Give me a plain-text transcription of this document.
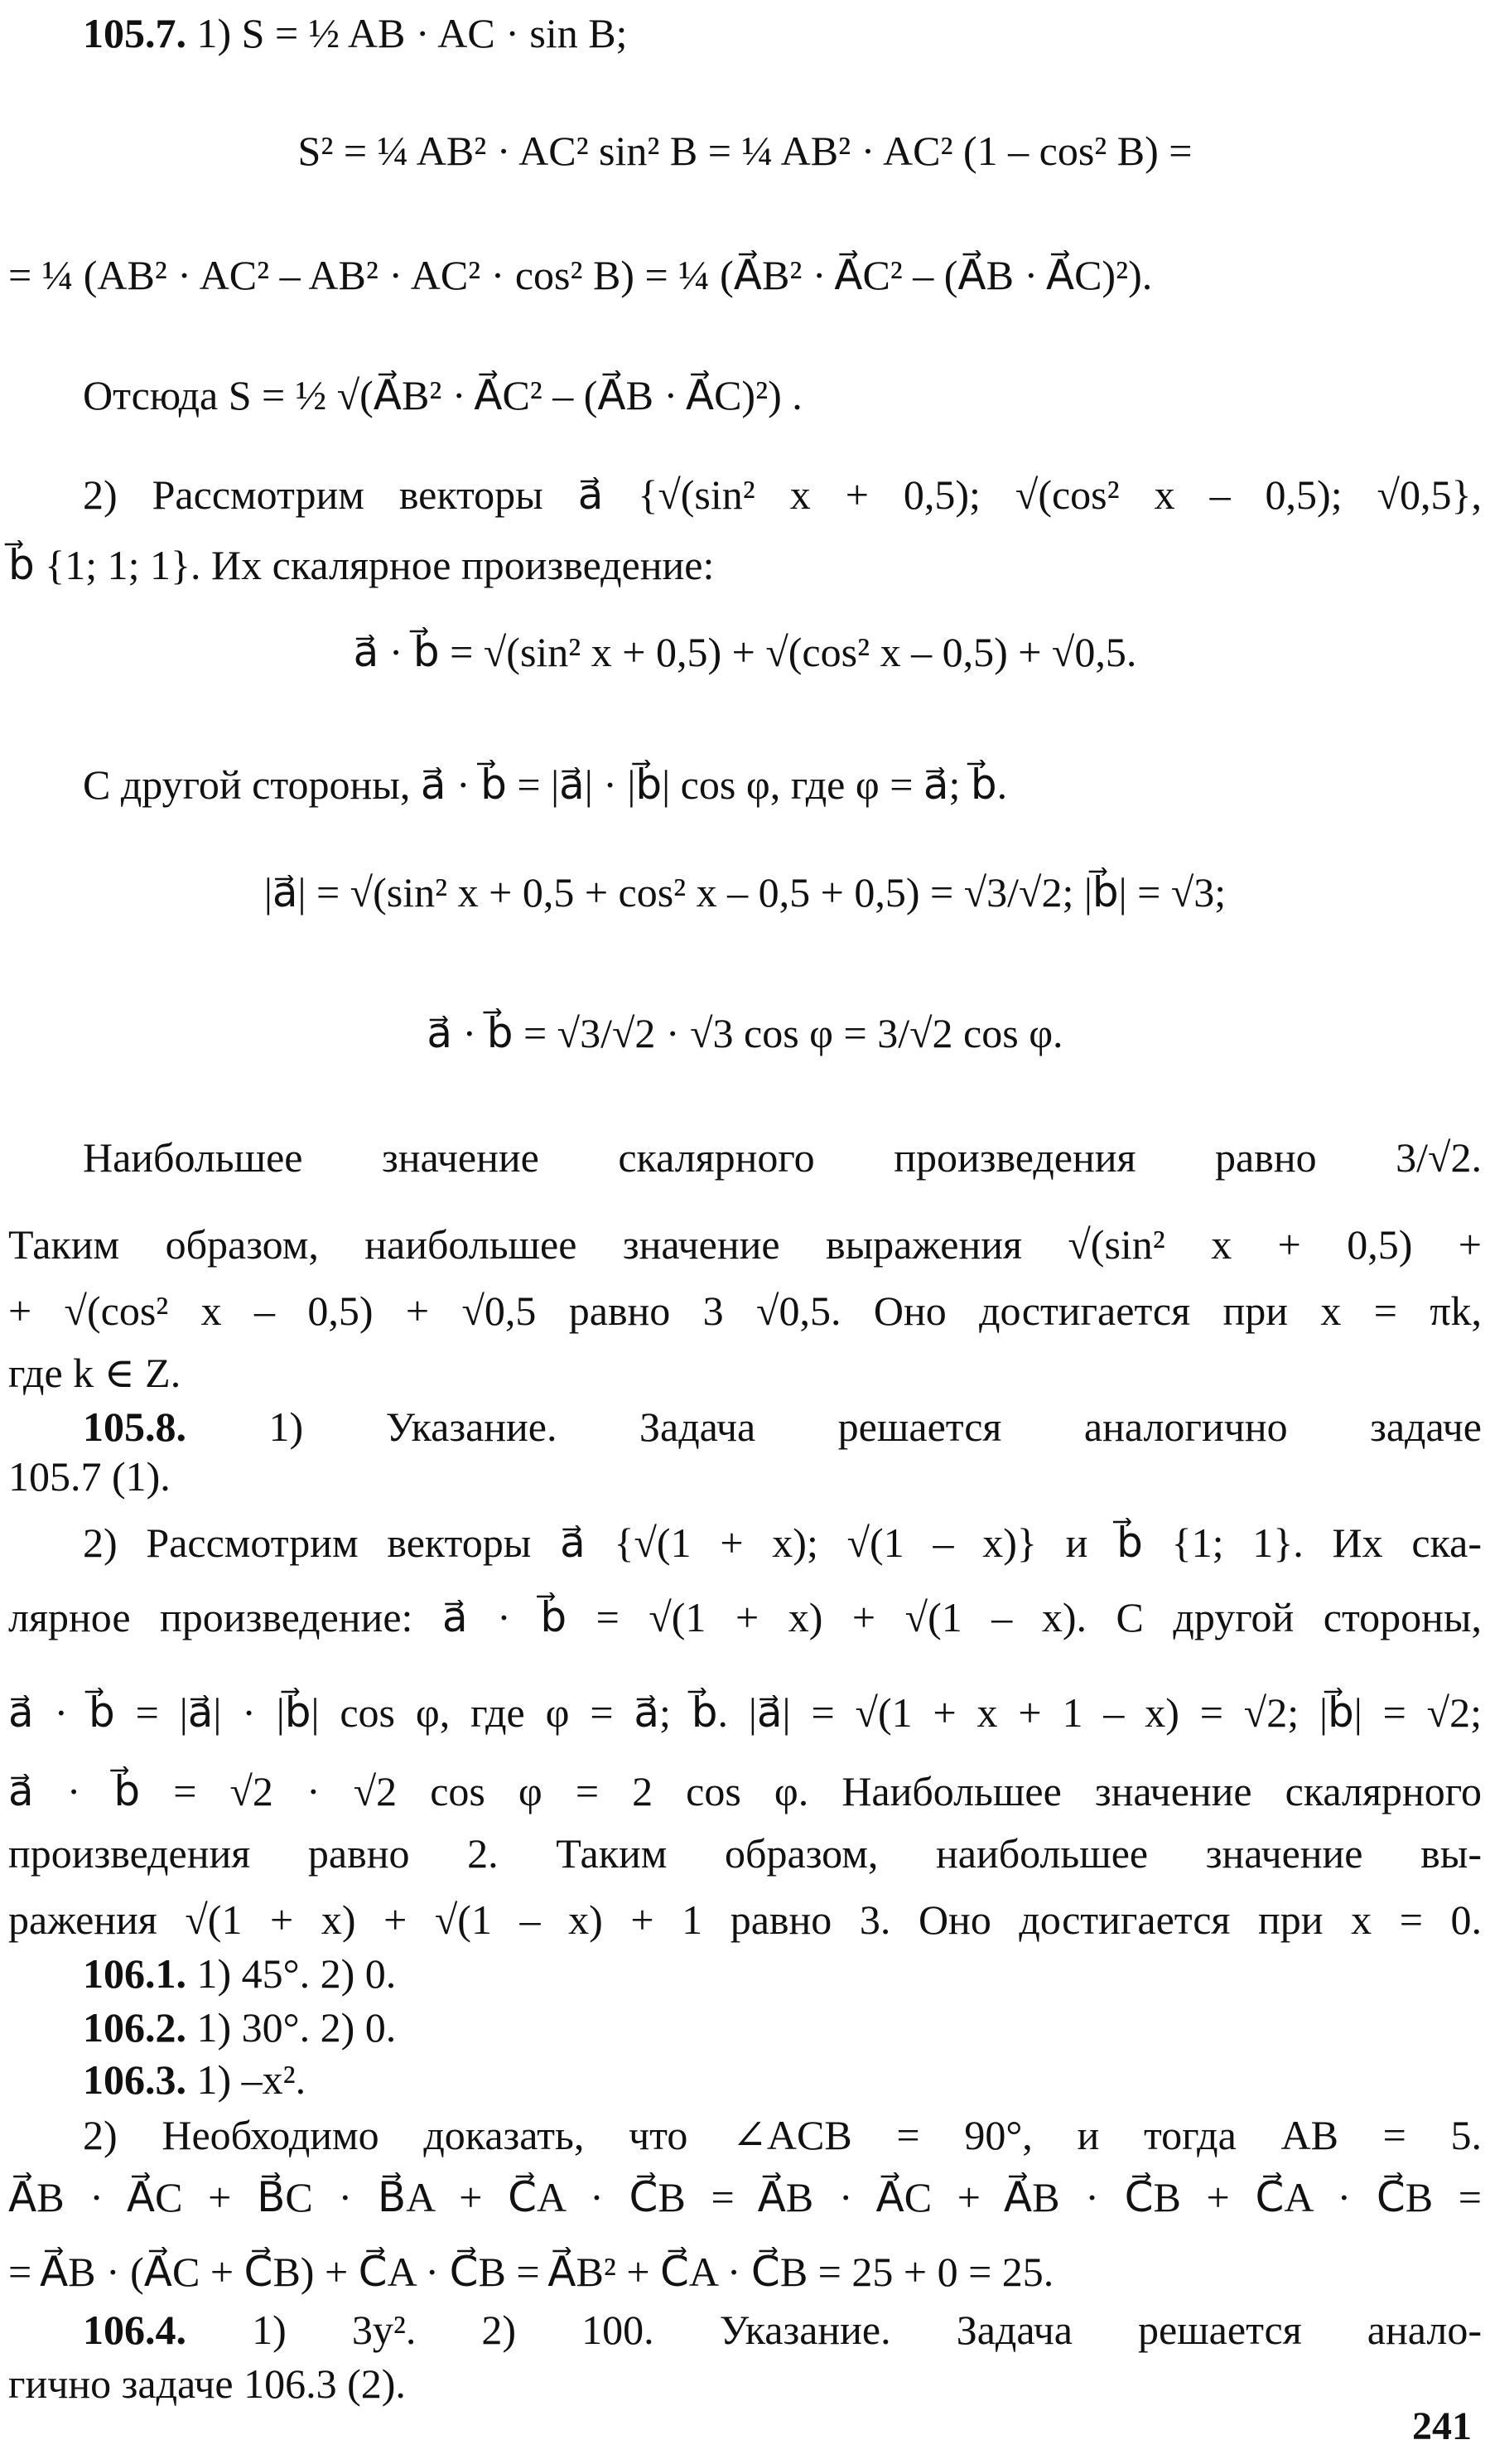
105.7. 1) S = ½ AB · AC · sin B;
S² = ¼ AB² · AC² sin² B = ¼ AB² · AC² (1 – cos² B) =
= ¼ (AB² · AC² – AB² · AC² · cos² B) = ¼ (A⃗B² · A⃗C² – (A⃗B · A⃗C)²).
Отсюда S = ½ √(A⃗B² · A⃗C² – (A⃗B · A⃗C)²) .
2) Рассмотрим векторы a⃗ {√(sin² x + 0,5); √(cos² x – 0,5); √0,5},
b⃗ {1; 1; 1}. Их скалярное произведение:
a⃗ · b⃗ = √(sin² x + 0,5) + √(cos² x – 0,5) + √0,5.
С другой стороны, a⃗ · b⃗ = |a⃗| · |b⃗| cos φ, где φ = a⃗; b⃗.
|a⃗| = √(sin² x + 0,5 + cos² x – 0,5 + 0,5) = √3/√2; |b⃗| = √3;
a⃗ · b⃗ = √3/√2 · √3 cos φ = 3/√2 cos φ.
Наибольшее значение скалярного произведения равно 3/√2.
Таким образом, наибольшее значение выражения √(sin² x + 0,5) +
+ √(cos² x – 0,5) + √0,5 равно 3 √0,5. Оно достигается при x = πk,
где k ∈ Z.
105.8. 1) Указание. Задача решается аналогично задаче
105.7 (1).
2) Рассмотрим векторы a⃗ {√(1 + x); √(1 – x)} и b⃗ {1; 1}. Их ска-
лярное произведение: a⃗ · b⃗ = √(1 + x) + √(1 – x). С другой стороны,
a⃗ · b⃗ = |a⃗| · |b⃗| cos φ, где φ = a⃗; b⃗. |a⃗| = √(1 + x + 1 – x) = √2; |b⃗| = √2;
a⃗ · b⃗ = √2 · √2 cos φ = 2 cos φ. Наибольшее значение скалярного
произведения равно 2. Таким образом, наибольшее значение вы-
ражения √(1 + x) + √(1 – x) + 1 равно 3. Оно достигается при x = 0.
106.1. 1) 45°. 2) 0.
106.2. 1) 30°. 2) 0.
106.3. 1) –x².
2) Необходимо доказать, что ∠ACB = 90°, и тогда AB = 5.
A⃗B · A⃗C + B⃗C · B⃗A + C⃗A · C⃗B = A⃗B · A⃗C + A⃗B · C⃗B + C⃗A · C⃗B =
= A⃗B · (A⃗C + C⃗B) + C⃗A · C⃗B = A⃗B² + C⃗A · C⃗B = 25 + 0 = 25.
106.4. 1) 3y². 2) 100. Указание. Задача решается анало-
гично задаче 106.3 (2).
241
